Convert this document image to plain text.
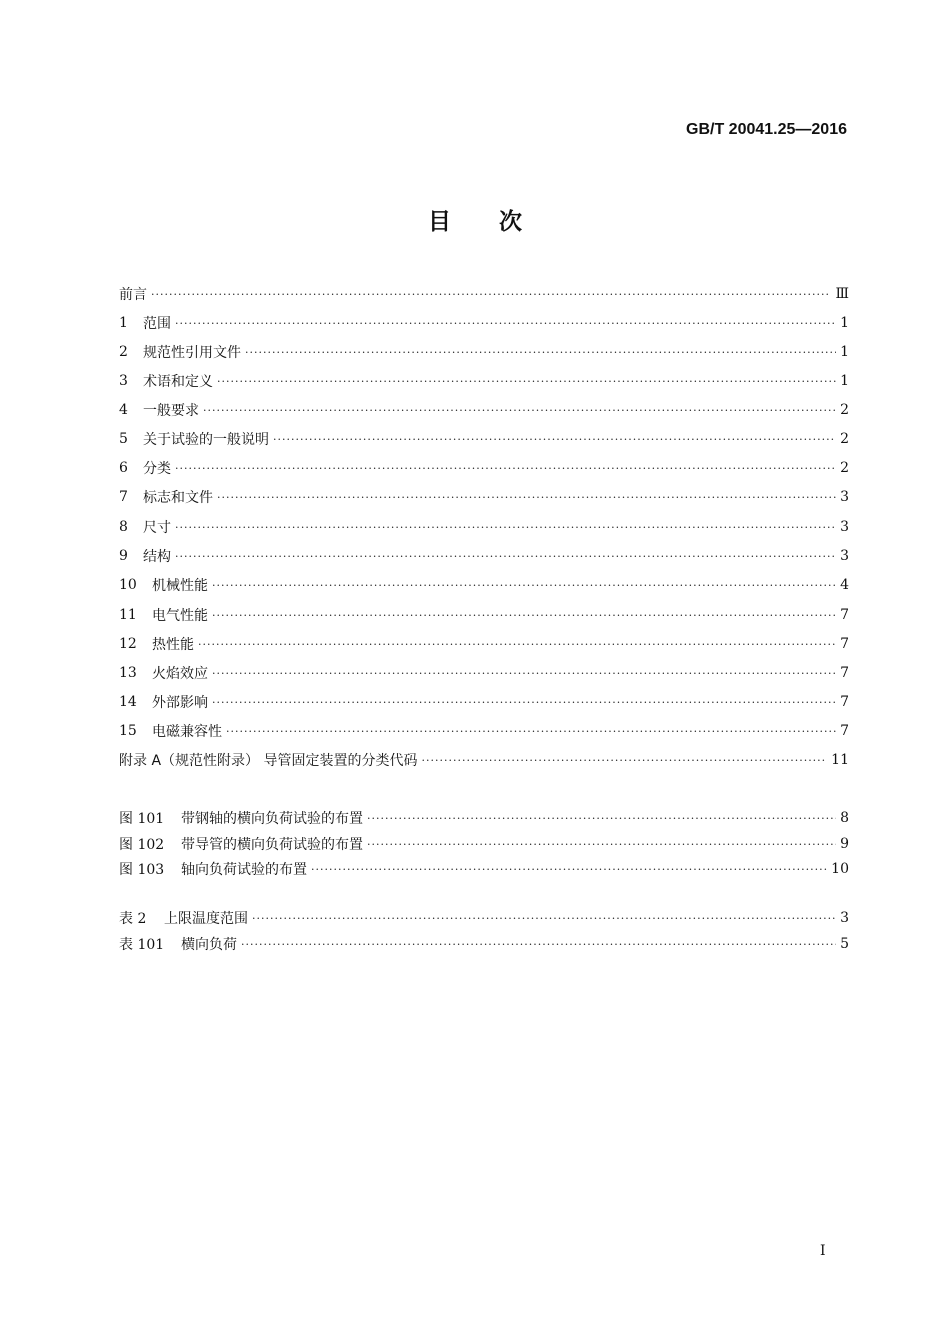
GB/T 20041.25—2016
目次
前言 ·····	Ⅲ
1	范围 ·····	1
2	规范性引用文件 ·····	1
3	术语和定义 ·····	1
4	一般要求 ·····	2
5	关于试验的一般说明 ·····	2
6	分类 ·····	2
7	标志和文件 ·····	3
8	尺寸 ·····	3
9	结构 ·····	3
10	机械性能 ·····	4
11	电气性能 ·····	7
12	热性能 ·····	7
13	火焰效应 ·····	7
14	外部影响 ·····	7
15	电磁兼容性 ·····	7
附录 A（规范性附录） 导管固定装置的分类代码 ·····	11
图 101	带钢轴的横向负荷试验的布置 ·····	8
图 102	带导管的横向负荷试验的布置 ·····	9
图 103	轴向负荷试验的布置 ·····	10
表 2	上限温度范围 ·····	3
表 101	横向负荷 ·····	5
I
